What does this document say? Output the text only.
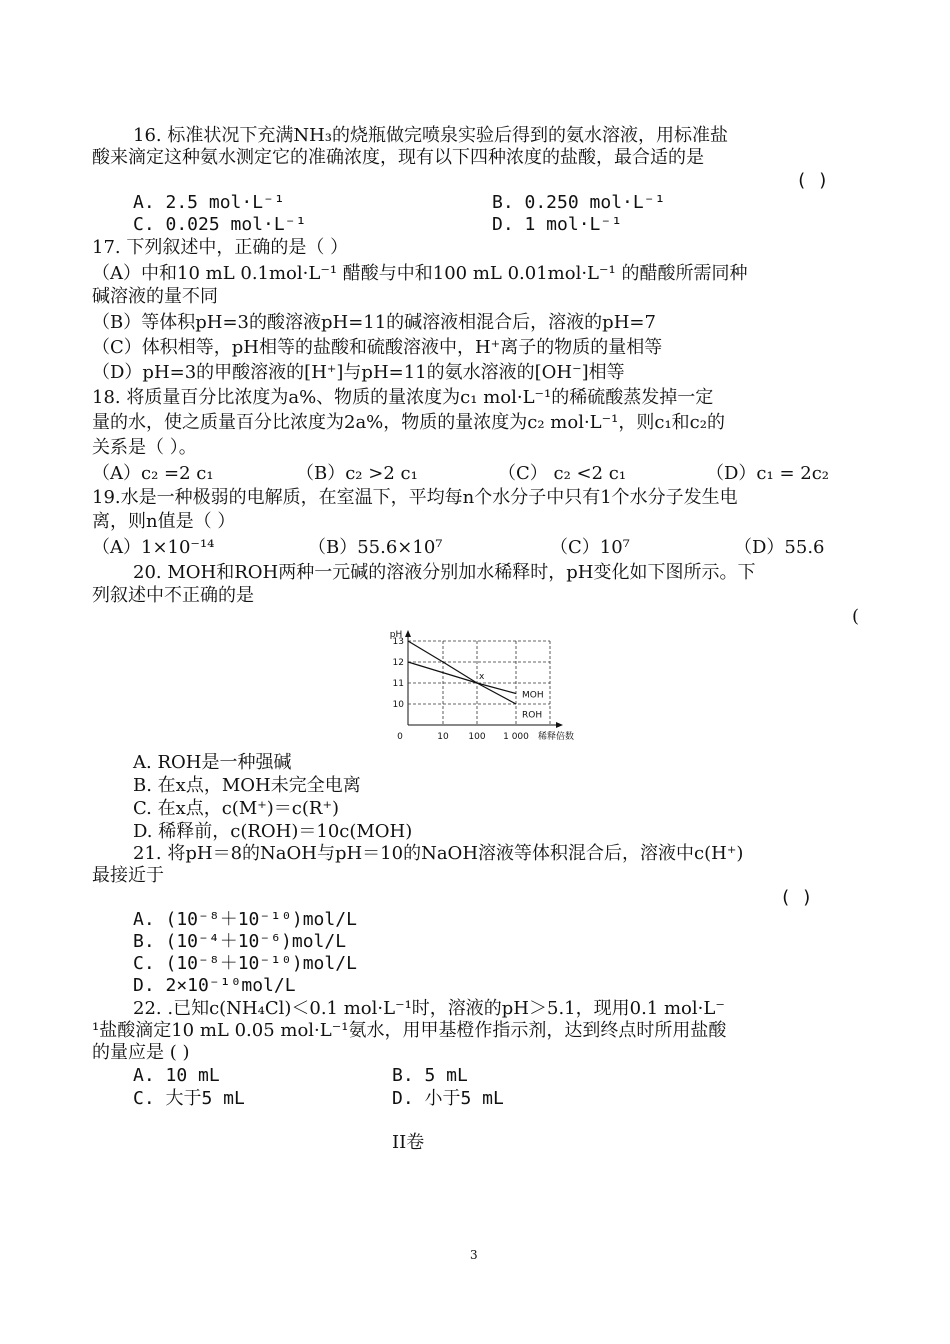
16. 标准状况下充满NH₃的烧瓶做完喷泉实验后得到的氨水溶液，用标准盐
酸来滴定这种氨水测定它的准确浓度，现有以下四种浓度的盐酸，最合适的是
( )
A. 2.5 mol·L⁻¹	B. 0.250 mol·L⁻¹
C. 0.025 mol·L⁻¹	D. 1 mol·L⁻¹
17. 下列叙述中，正确的是（ ）
（A）中和10 mL 0.1mol·L⁻¹ 醋酸与中和100 mL 0.01mol·L⁻¹ 的醋酸所需同种
碱溶液的量不同
（B）等体积pH=3的酸溶液pH=11的碱溶液相混合后，溶液的pH=7
（C）体积相等，pH相等的盐酸和硫酸溶液中，H⁺离子的物质的量相等
（D）pH=3的甲酸溶液的[H⁺]与pH=11的氨水溶液的[OH⁻]相等
18. 将质量百分比浓度为a%、物质的量浓度为c₁ mol·L⁻¹的稀硫酸蒸发掉一定
量的水，使之质量百分比浓度为2a%，物质的量浓度为c₂ mol·L⁻¹，则c₁和c₂的
关系是（ ）。
（A）c₂ =2 c₁	（B）c₂ >2 c₁	（C） c₂ <2 c₁	（D）c₁ = 2c₂
19.水是一种极弱的电解质，在室温下，平均每n个水分子中只有1个水分子发生电
离，则n值是（ ）
（A）1×10⁻¹⁴	（B）55.6×10⁷	（C）10⁷	（D）55.6
20. MOH和ROH两种一元碱的溶液分别加水稀释时，pH变化如下图所示。下
列叙述中不正确的是
(
10
11
12
13
0	10 100 1 000
pH
稀释倍数
MOH
ROH
x
A. ROH是一种强碱
B. 在x点，MOH未完全电离
C. 在x点，c(M⁺)＝c(R⁺)
D. 稀释前，c(ROH)＝10c(MOH)
21. 将pH＝8的NaOH与pH＝10的NaOH溶液等体积混合后，溶液中c(H⁺)
最接近于
( )
A. (10⁻⁸＋10⁻¹⁰)mol/L
B. (10⁻⁴＋10⁻⁶)mol/L
C. (10⁻⁸＋10⁻¹⁰)mol/L
D. 2×10⁻¹⁰mol/L
22. .已知c(NH₄Cl)＜0.1 mol·L⁻¹时，溶液的pH＞5.1，现用0.1 mol·L⁻
¹盐酸滴定10 mL 0.05 mol·L⁻¹氨水，用甲基橙作指示剂，达到终点时所用盐酸
的量应是 ( )
A. 10 mL	B. 5 mL
C. 大于5 mL	D. 小于5 mL
II卷
3
